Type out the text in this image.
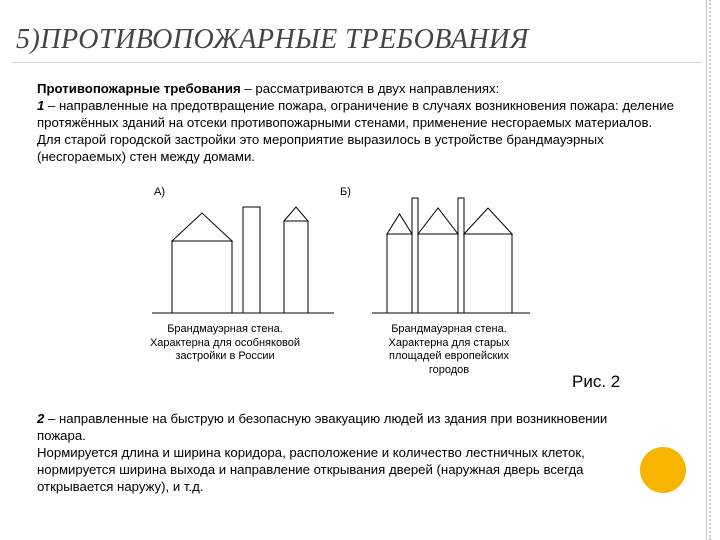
5)ПРОТИВОПОЖАРНЫЕ ТРЕБОВАНИЯ

Противопожарные требования – рассматриваются в двух направлениях:

1 – направленные на предотвращение пожара, ограничение в случаях возникновения пожара: деление протяжённых зданий на отсеки противопожарными стенами, применение несгораемых материалов.

Для старой городской застройки это мероприятие выразилось в устройстве брандмауэрных (несгораемых) стен между домами.

А)	Б)
Брандмауэрная стена.
Характерна для особняковой
застройки в России
Брандмауэрная стена.
Характерна для старых
площадей европейских
городов
Рис. 2

2 – направленные на быструю и безопасную эвакуацию людей из здания при возникновении пожара.

Нормируется длина и ширина коридора, расположение и количество лестничных клеток, нормируется ширина выхода и направление открывания дверей (наружная дверь всегда открывается наружу), и т.д.
